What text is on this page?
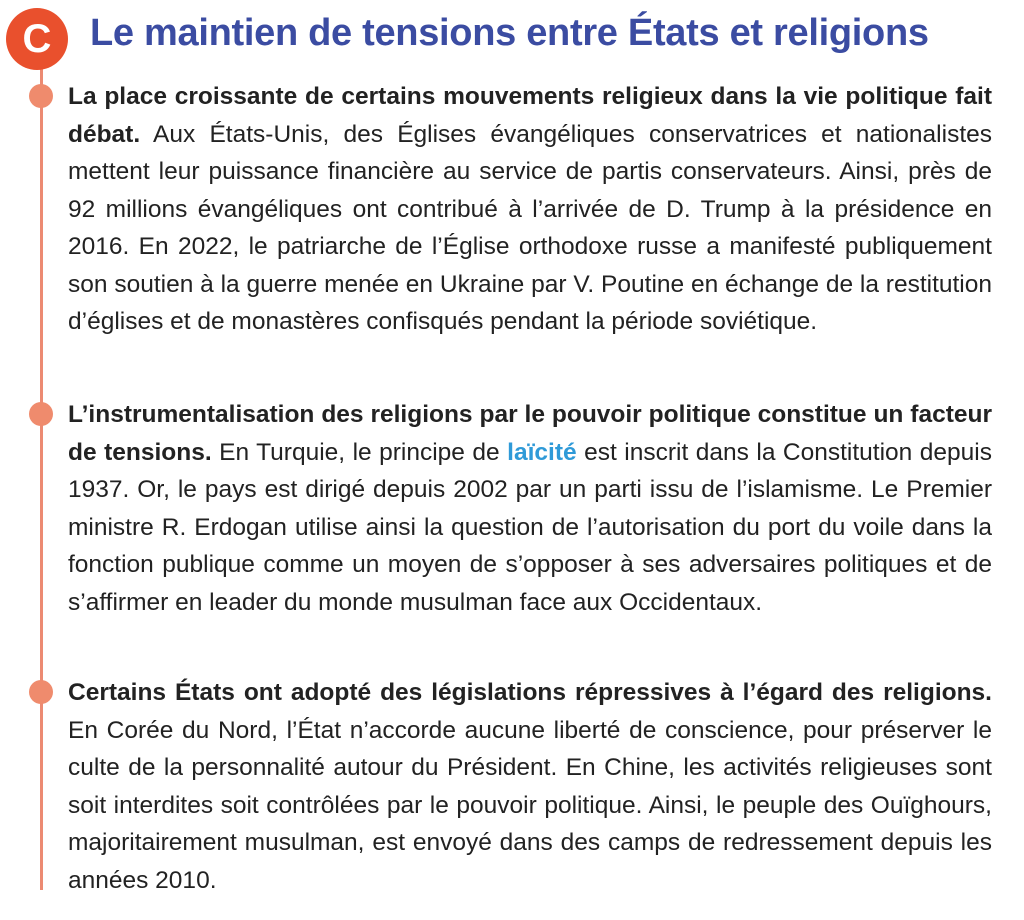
C	Le maintien de tensions entre États et religions

La place croissante de certains mouvements religieux dans la vie politique fait débat. Aux États-Unis, des Églises évangéliques conservatrices et nationalistes mettent leur puissance financière au service de partis conservateurs. Ainsi, près de 92 millions évangéliques ont contribué à l’arrivée de D. Trump à la présidence en 2016. En 2022, le patriarche de l’Église orthodoxe russe a manifesté publiquement son soutien à la guerre menée en Ukraine par V. Poutine en échange de la restitution d’églises et de monastères confisqués pendant la période soviétique.

L’instrumentalisation des religions par le pouvoir politique constitue un facteur de tensions. En Turquie, le principe de laïcité est inscrit dans la Constitution depuis 1937. Or, le pays est dirigé depuis 2002 par un parti issu de l’islamisme. Le Premier ministre R. Erdogan utilise ainsi la question de l’autorisation du port du voile dans la fonction publique comme un moyen de s’opposer à ses adversaires politiques et de s’affirmer en leader du monde musulman face aux Occidentaux.

Certains États ont adopté des législations répressives à l’égard des religions. En Corée du Nord, l’État n’accorde aucune liberté de conscience, pour préserver le culte de la personnalité autour du Président. En Chine, les activités religieuses sont soit interdites soit contrôlées par le pouvoir politique. Ainsi, le peuple des Ouïghours, majoritairement musulman, est envoyé dans des camps de redressement depuis les années 2010.
